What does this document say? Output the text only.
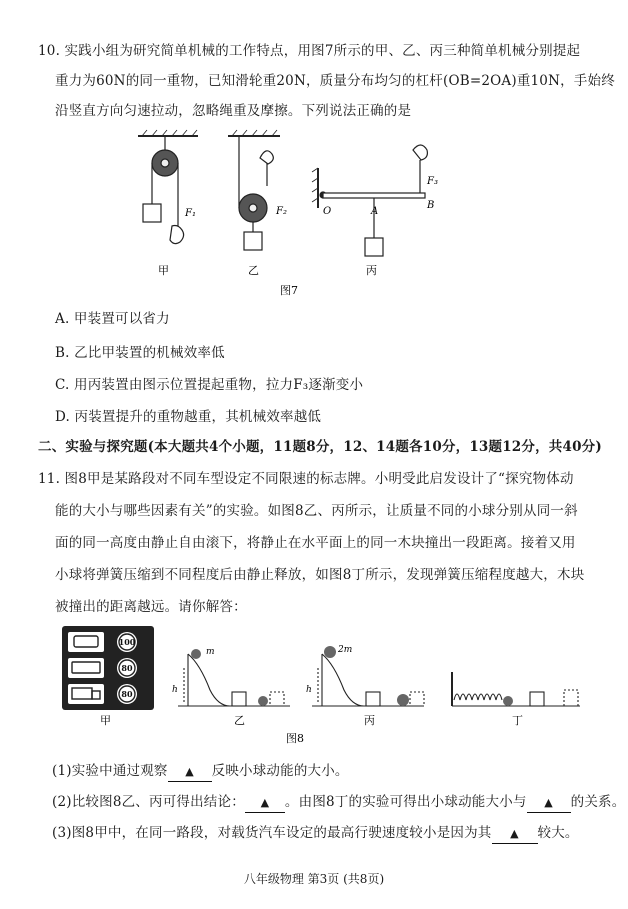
10. 实践小组为研究简单机械的工作特点，用图7所示的甲、乙、丙三种简单机械分别提起
重力为60N的同一重物，已知滑轮重20N，质量分布均匀的杠杆(OB=2OA)重10N，手始终
沿竖直方向匀速拉动，忽略绳重及摩擦。下列说法正确的是
F₁	F₂
F₃
O	A
B
甲	乙	丙
图7
A. 甲装置可以省力
B. 乙比甲装置的机械效率低
C. 用丙装置由图示位置提起重物，拉力F₃逐渐变小
D. 丙装置提升的重物越重，其机械效率越低
二、实验与探究题(本大题共4个小题，11题8分，12、14题各10分，13题12分，共40分)
11. 图8甲是某路段对不同车型设定不同限速的标志牌。小明受此启发设计了“探究物体动
能的大小与哪些因素有关”的实验。如图8乙、丙所示，让质量不同的小球分别从同一斜
面的同一高度由静止自由滚下，将静止在水平面上的同一木块撞出一段距离。接着又用
小球将弹簧压缩到不同程度后由静止释放，如图8丁所示，发现弹簧压缩程度越大，木块
被撞出的距离越远。请你解答：
100
80
80
m
h
2m
h
甲	乙	丙	丁
图8
(1)实验中通过观察 ▲ 反映小球动能的大小。
(2)比较图8乙、丙可得出结论： ▲ 。由图8丁的实验可得出小球动能大小与 ▲ 的关系。
(3)图8甲中，在同一路段，对载货汽车设定的最高行驶速度较小是因为其 ▲ 较大。
八年级物理 第3页 (共8页)
